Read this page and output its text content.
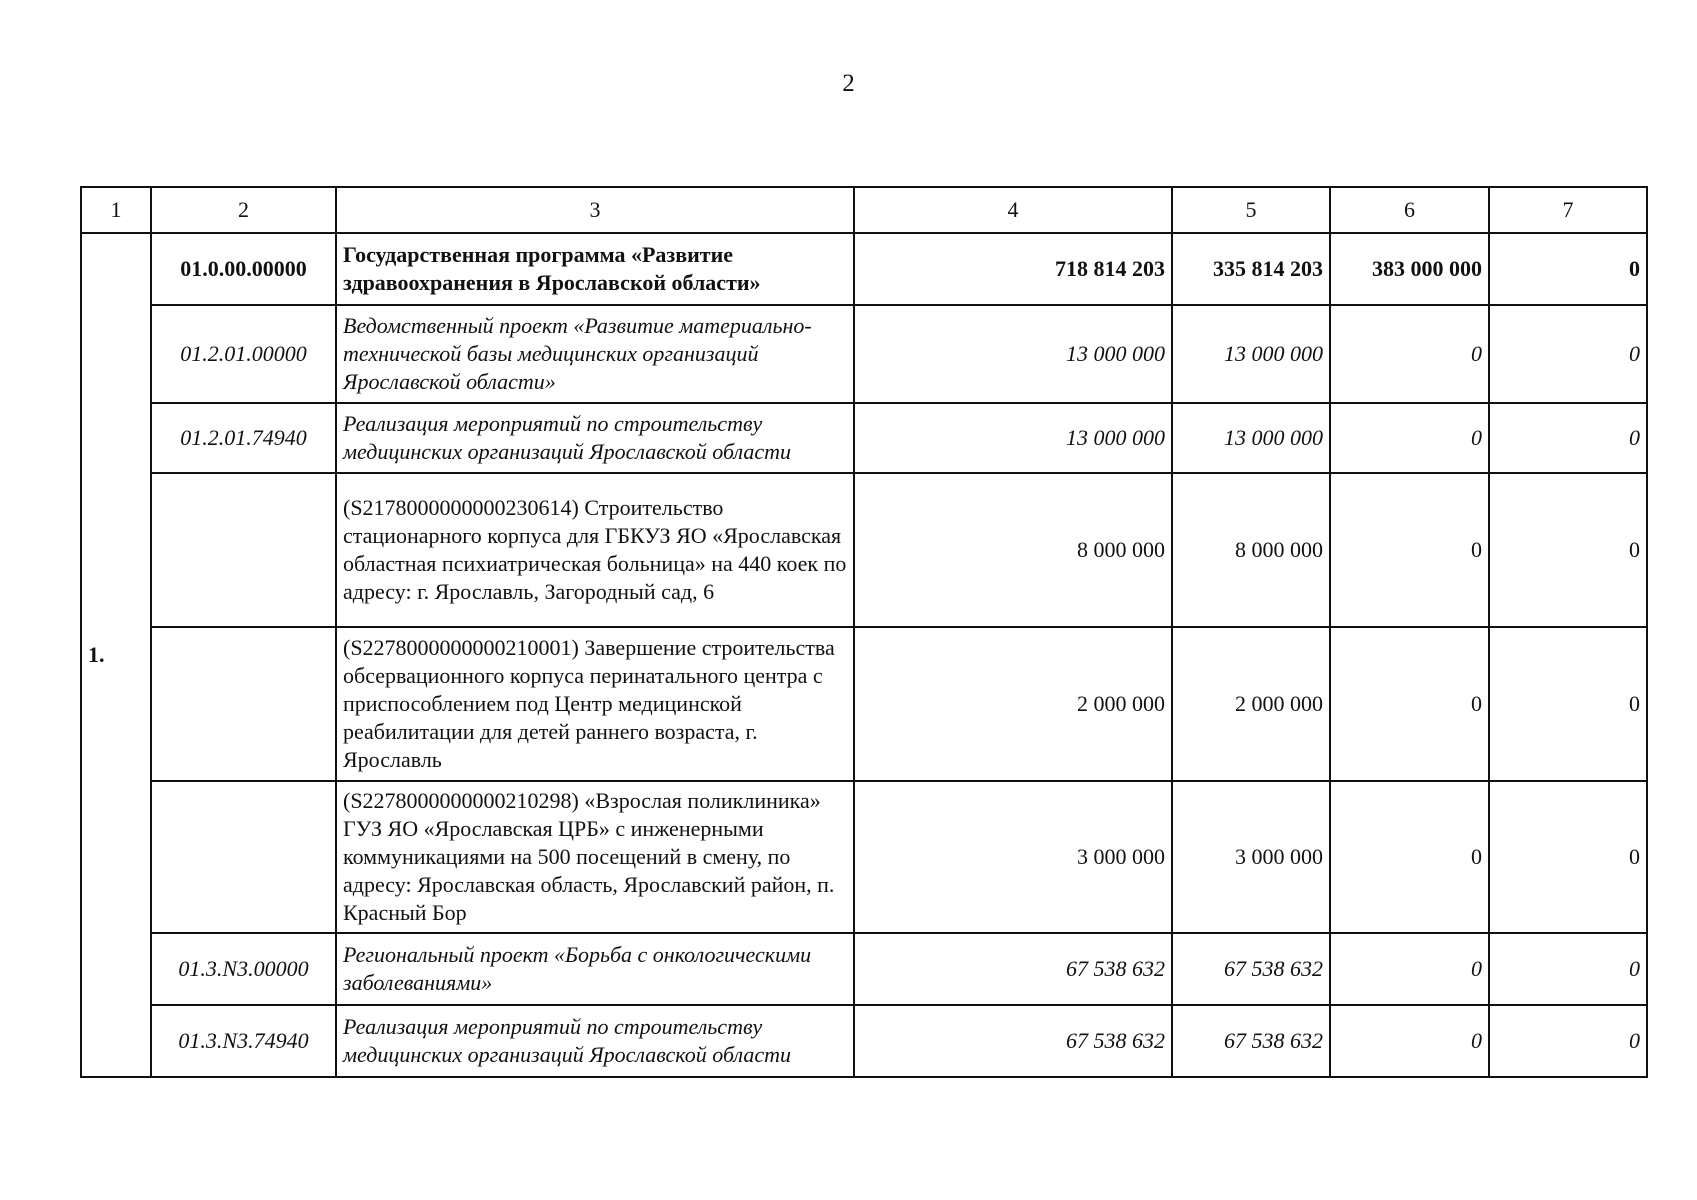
2
1	2	3	4	5	6	7
1.	01.0.00.00000	Государственная программа «Развитие здравоохранения в Ярославской области»	718 814 203	335 814 203	383 000 000	0
	01.2.01.00000	Ведомственный проект «Развитие материально-технической базы медицинских организаций Ярославской области»	13 000 000	13 000 000	0	0
	01.2.01.74940	Реализация мероприятий по строительству медицинских организаций Ярославской области	13 000 000	13 000 000	0	0
		(S2178000000000230614) Строительство стационарного корпуса для ГБКУЗ ЯО «Ярославская областная психиатрическая больница» на 440 коек по адресу: г. Ярославль, Загородный сад, 6	8 000 000	8 000 000	0	0
		(S2278000000000210001) Завершение строительства обсервационного корпуса перинатального центра с приспособлением под Центр медицинской реабилитации для детей раннего возраста, г. Ярославль	2 000 000	2 000 000	0	0
		(S2278000000000210298) «Взрослая поликлиника» ГУЗ ЯО «Ярославская ЦРБ» с инженерными коммуникациями на 500 посещений в смену, по адресу: Ярославская область, Ярославский район, п. Красный Бор	3 000 000	3 000 000	0	0
	01.3.N3.00000	Региональный проект «Борьба с онкологическими заболеваниями»	67 538 632	67 538 632	0	0
	01.3.N3.74940	Реализация мероприятий по строительству медицинских организаций Ярославской области	67 538 632	67 538 632	0	0
